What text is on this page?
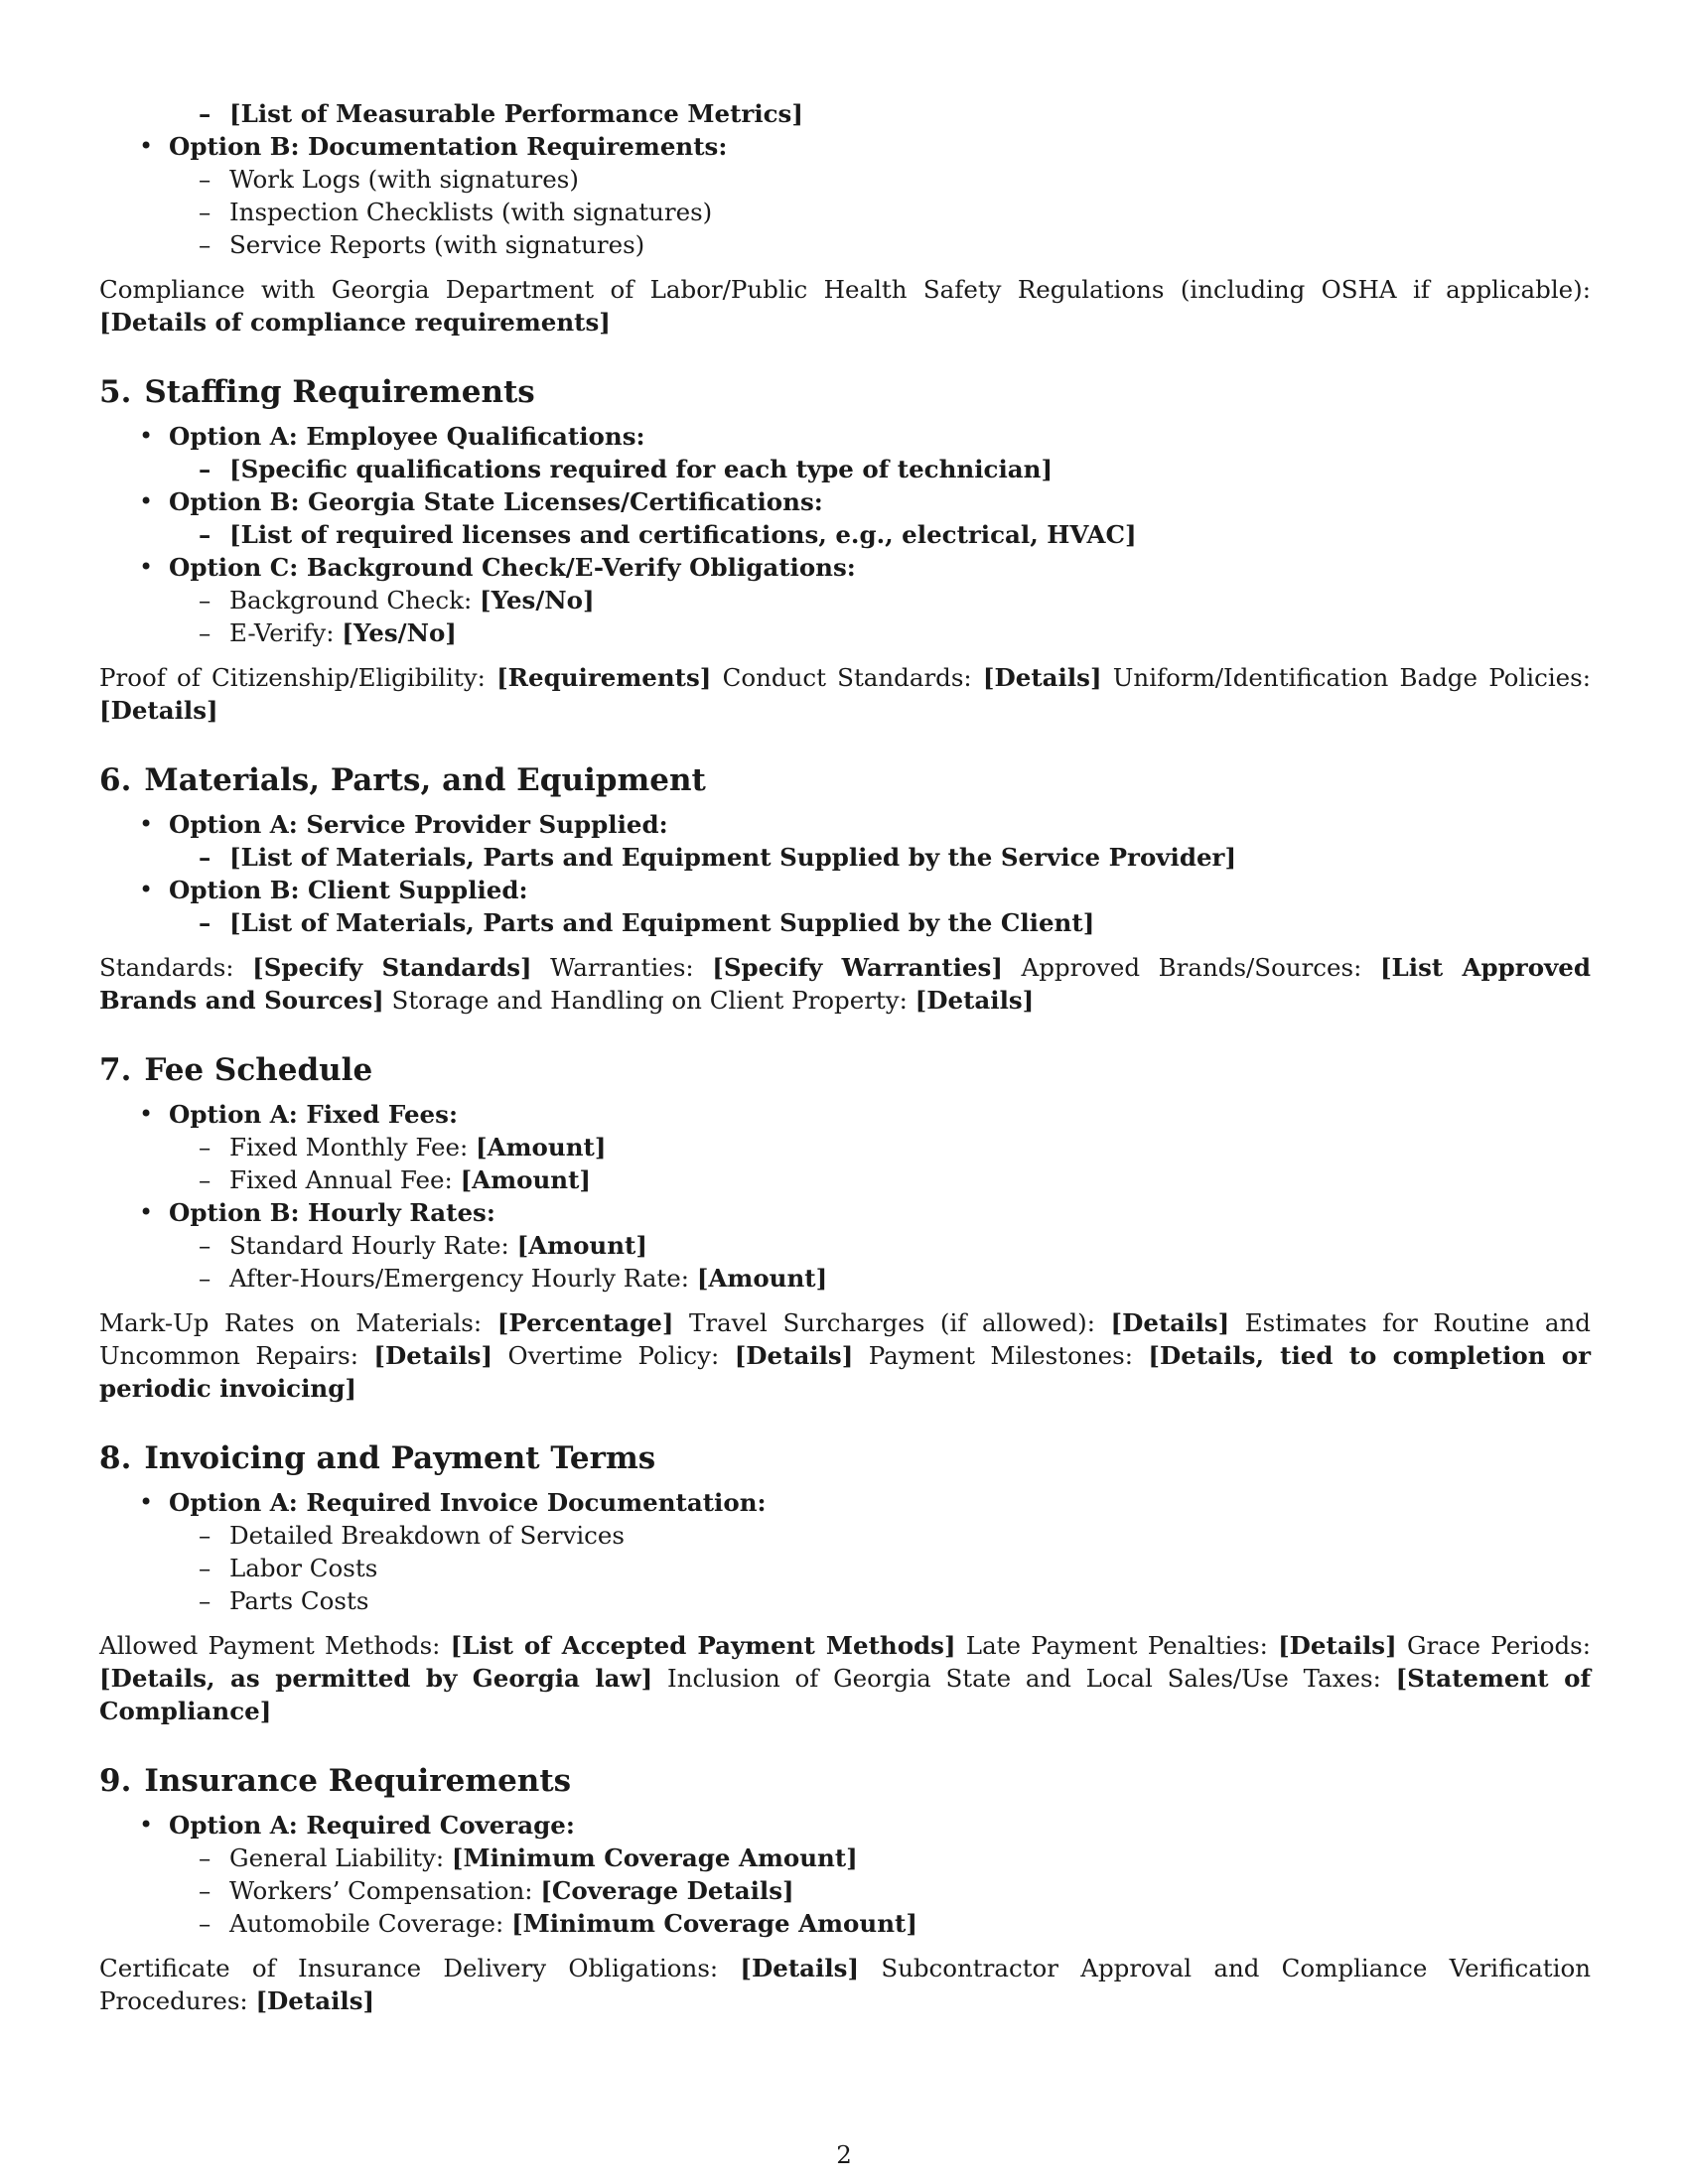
– [List of Measurable Performance Metrics]
• Option B: Documentation Requirements:
– Work Logs (with signatures)
– Inspection Checklists (with signatures)
– Service Reports (with signatures)

Compliance with Georgia Department of Labor/Public Health Safety Regulations (including OSHA if applicable): [Details of compliance requirements]

5. Staffing Requirements
• Option A: Employee Qualifications:
– [Specific qualifications required for each type of technician]
• Option B: Georgia State Licenses/Certifications:
– [List of required licenses and certifications, e.g., electrical, HVAC]
• Option C: Background Check/E-Verify Obligations:
– Background Check: [Yes/No]
– E-Verify: [Yes/No]

Proof of Citizenship/Eligibility: [Requirements] Conduct Standards: [Details] Uniform/Identification Badge Policies: [Details]

6. Materials, Parts, and Equipment
• Option A: Service Provider Supplied:
– [List of Materials, Parts and Equipment Supplied by the Service Provider]
• Option B: Client Supplied:
– [List of Materials, Parts and Equipment Supplied by the Client]

Standards: [Specify Standards] Warranties: [Specify Warranties] Approved Brands/Sources: [List Approved Brands and Sources] Storage and Handling on Client Property: [Details]

7. Fee Schedule
• Option A: Fixed Fees:
– Fixed Monthly Fee: [Amount]
– Fixed Annual Fee: [Amount]
• Option B: Hourly Rates:
– Standard Hourly Rate: [Amount]
– After-Hours/Emergency Hourly Rate: [Amount]

Mark-Up Rates on Materials: [Percentage] Travel Surcharges (if allowed): [Details] Estimates for Routine and Uncommon Repairs: [Details] Overtime Policy: [Details] Payment Milestones: [Details, tied to completion or periodic invoicing]

8. Invoicing and Payment Terms
• Option A: Required Invoice Documentation:
– Detailed Breakdown of Services
– Labor Costs
– Parts Costs

Allowed Payment Methods: [List of Accepted Payment Methods] Late Payment Penalties: [Details] Grace Periods: [Details, as permitted by Georgia law] Inclusion of Georgia State and Local Sales/Use Taxes: [Statement of Compliance]

9. Insurance Requirements
• Option A: Required Coverage:
– General Liability: [Minimum Coverage Amount]
– Workers’ Compensation: [Coverage Details]
– Automobile Coverage: [Minimum Coverage Amount]

Certificate of Insurance Delivery Obligations: [Details] Subcontractor Approval and Compliance Verification Procedures: [Details]

2
